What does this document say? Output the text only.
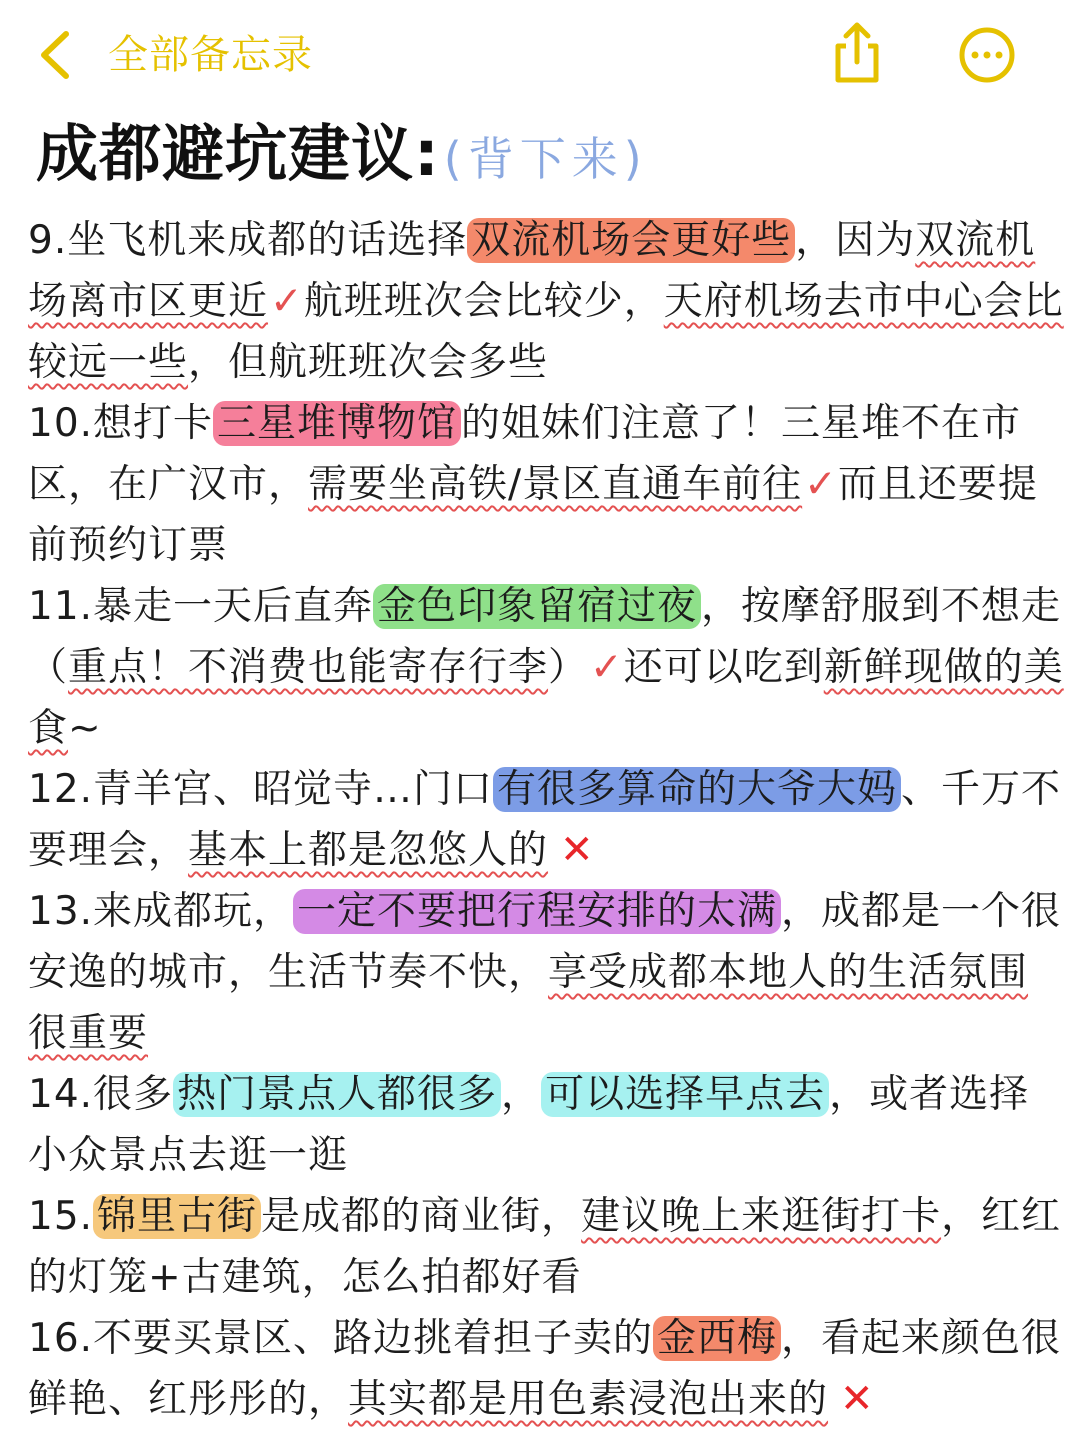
全部备忘录
成都避坑建议:(背下来)

9.坐飞机来成都的话选择 双流机场会更好些 ，因为双流机场离市区更近✓航班班次会比较少，天府机场去市中心会比较远一些，但航班班次会多些

10.想打卡 三星堆博物馆 的姐妹们注意了！三星堆不在市区，在广汉市，需要坐高铁/景区直通车前往✓而且还要提前预约订票

11.暴走一天后直奔 金色印象留宿过夜 ，按摩舒服到不想走（重点！不消费也能寄存行李）✓还可以吃到新鲜现做的美食~

12.青羊宫、昭觉寺…门口 有很多算命的大爷大妈 、千万不要理会，基本上都是忽悠人的 ✕

13.来成都玩， 一定不要把行程安排的太满 ，成都是一个很安逸的城市，生活节奏不快，享受成都本地人的生活氛围很重要

14.很多 热门景点人都很多 ， 可以选择早点去 ，或者选择小众景点去逛一逛

15. 锦里古街 是成都的商业街，建议晚上来逛街打卡，红红的灯笼+古建筑，怎么拍都好看

16.不要买景区、路边挑着担子卖的 金西梅 ，看起来颜色很鲜艳、红彤彤的，其实都是用色素浸泡出来的 ✕
